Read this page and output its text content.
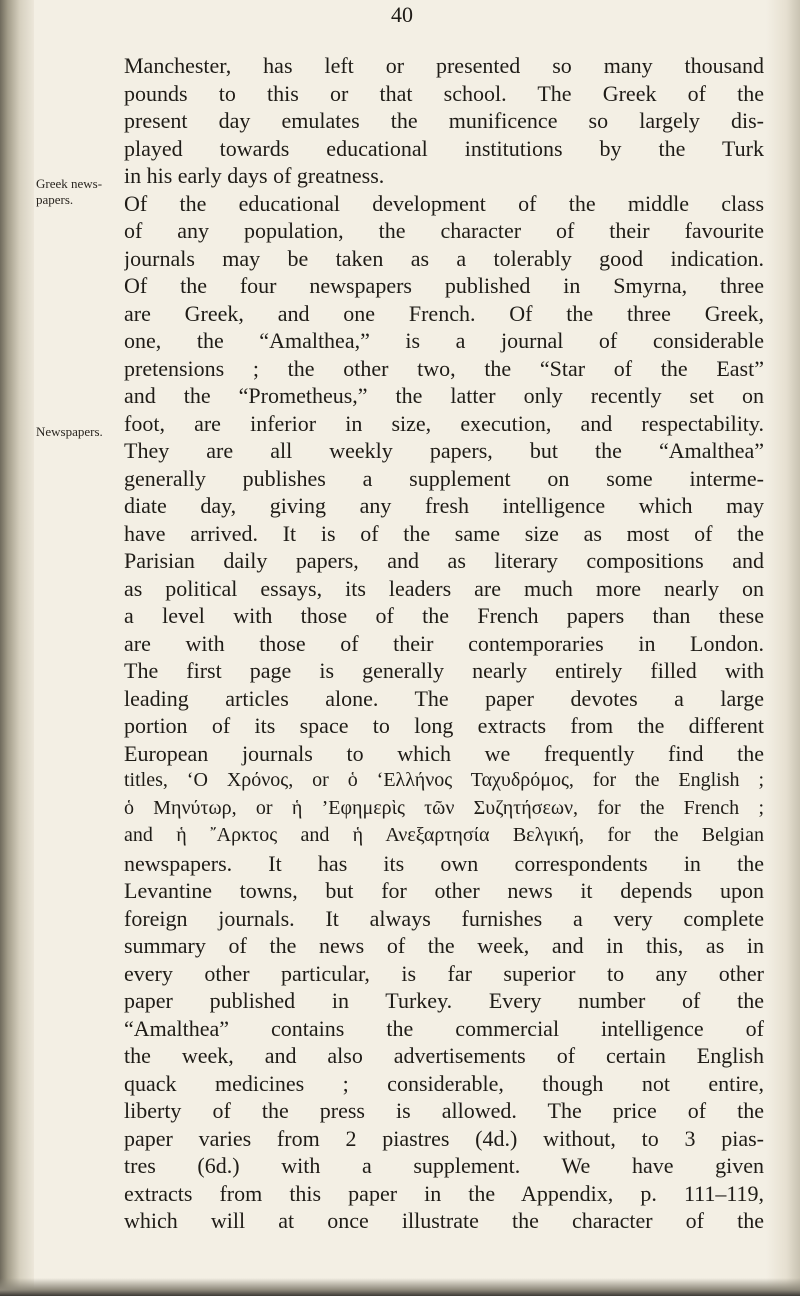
40
Greek news-papers.
Newspapers.
Manchester, has left or presented so many thousand
pounds to this or that school. The Greek of the
present day emulates the munificence so largely dis-
played towards educational institutions by the Turk
in his early days of greatness.
Of the educational development of the middle class
of any population, the character of their favourite
journals may be taken as a tolerably good indication.
Of the four newspapers published in Smyrna, three
are Greek, and one French. Of the three Greek,
one, the “Amalthea,” is a journal of considerable
pretensions ; the other two, the “Star of the East”
and the “Prometheus,” the latter only recently set on
foot, are inferior in size, execution, and respectability.
They are all weekly papers, but the “Amalthea”
generally publishes a supplement on some interme-
diate day, giving any fresh intelligence which may
have arrived. It is of the same size as most of the
Parisian daily papers, and as literary compositions and
as political essays, its leaders are much more nearly on
a level with those of the French papers than these
are with those of their contemporaries in London.
The first page is generally nearly entirely filled with
leading articles alone. The paper devotes a large
portion of its space to long extracts from the different
European journals to which we frequently find the
titles, ‘Ο Χρόνος, or ὁ ‘Ελλήνος Ταχυδρόμος, for the English ;
ὁ Μηνύτωρ, or ἡ ’Εφημερὶς τῶν Συζητήσεων, for the French ;
and ἡ ῎Αρκτος and ἡ Ανεξαρτησία Βελγική, for the Belgian
newspapers. It has its own correspondents in the
Levantine towns, but for other news it depends upon
foreign journals. It always furnishes a very complete
summary of the news of the week, and in this, as in
every other particular, is far superior to any other
paper published in Turkey. Every number of the
“Amalthea” contains the commercial intelligence of
the week, and also advertisements of certain English
quack medicines ; considerable, though not entire,
liberty of the press is allowed. The price of the
paper varies from 2 piastres (4d.) without, to 3 pias-
tres (6d.) with a supplement. We have given
extracts from this paper in the Appendix, p. 111–119,
which will at once illustrate the character of the
